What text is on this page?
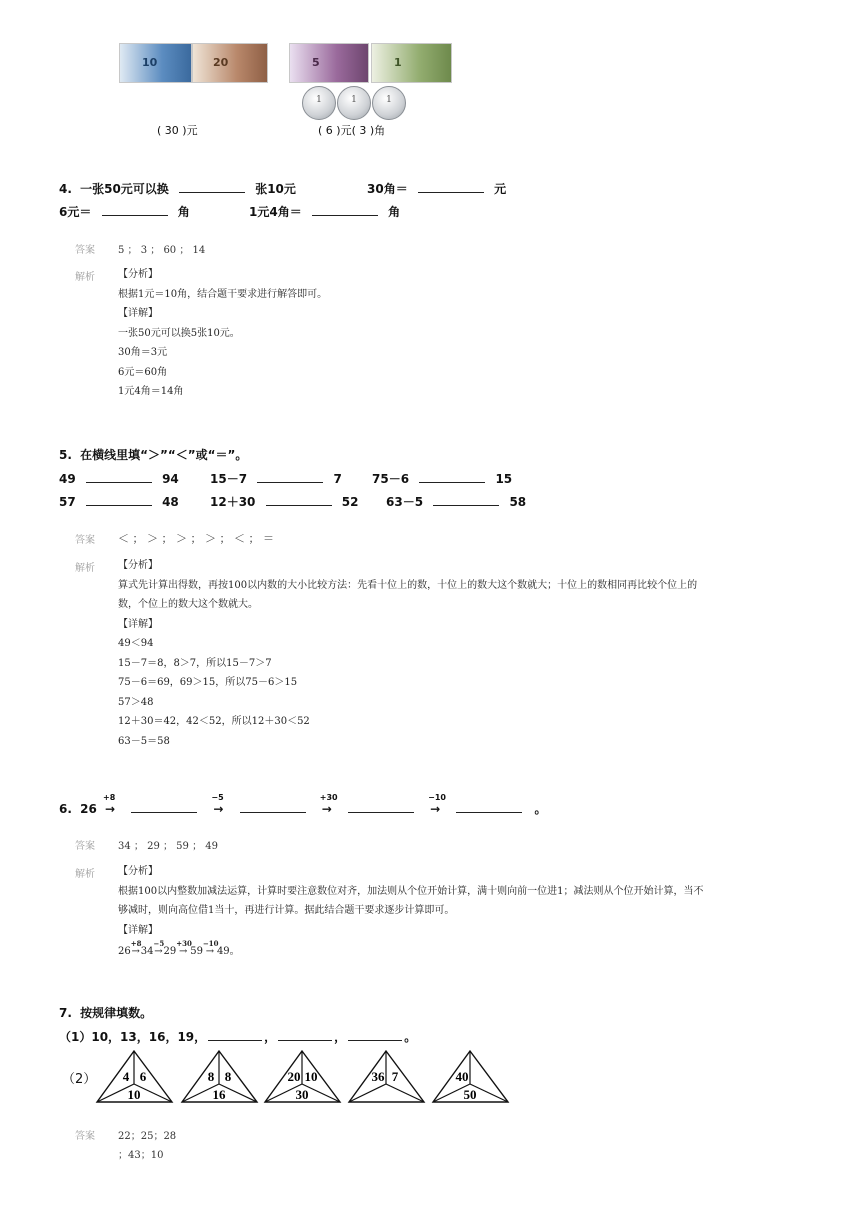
10	20	5	1
1	1	1
( 30 )元	( 6 )元( 3 )角
4. 一张50元可以换	张10元	30角＝	元
6元＝	角	1元4角＝	角
答案 5 ； 3 ； 60 ； 14
解析 【分析】
根据1元＝10角，结合题干要求进行解答即可。
【详解】
一张50元可以换5张10元。
30角＝3元
6元＝60角
1元4角＝14角
5. 在横线里填“＞”“＜”或“＝”。
49	94	15－7	7	75－6	15
57	48	12＋30	52 63－5	58
答案 ＜ ； ＞ ； ＞ ； ＞ ； ＜ ； ＝
解析 【分析】
算式先计算出得数，再按100以内数的大小比较方法：先看十位上的数，十位上的数大这个数就大；十位上的数相同再比较个位上的
数，个位上的数大这个数就大。
【详解】
49＜94
15－7＝8，8＞7，所以15－7＞7
75－6＝69，69＞15，所以75－6＞15
57＞48
12＋30＝42，42＜52，所以12＋30＜52
63－5＝58
6. 26
+8
→
−5
→
+30
→
−10
→	。
答案 34 ； 29 ； 59 ； 49
解析 【分析】
根据100以内整数加减法运算，计算时要注意数位对齐，加法则从个位开始计算，满十则向前一位进1；减法则从个位开始计算，当不
够减时，则向高位借1当十，再进行计算。据此结合题干要求逐步计算即可。
【详解】
26
+8
→34
−5
→29
+30
→ 59
−10
→ 49。
7. 按规律填数。
（1）10，13，16，19，	，	，	。
（2） 4 6
10
8 8
16
20 10
30
36 7	40
50
答案 22；25；28
；43；10
